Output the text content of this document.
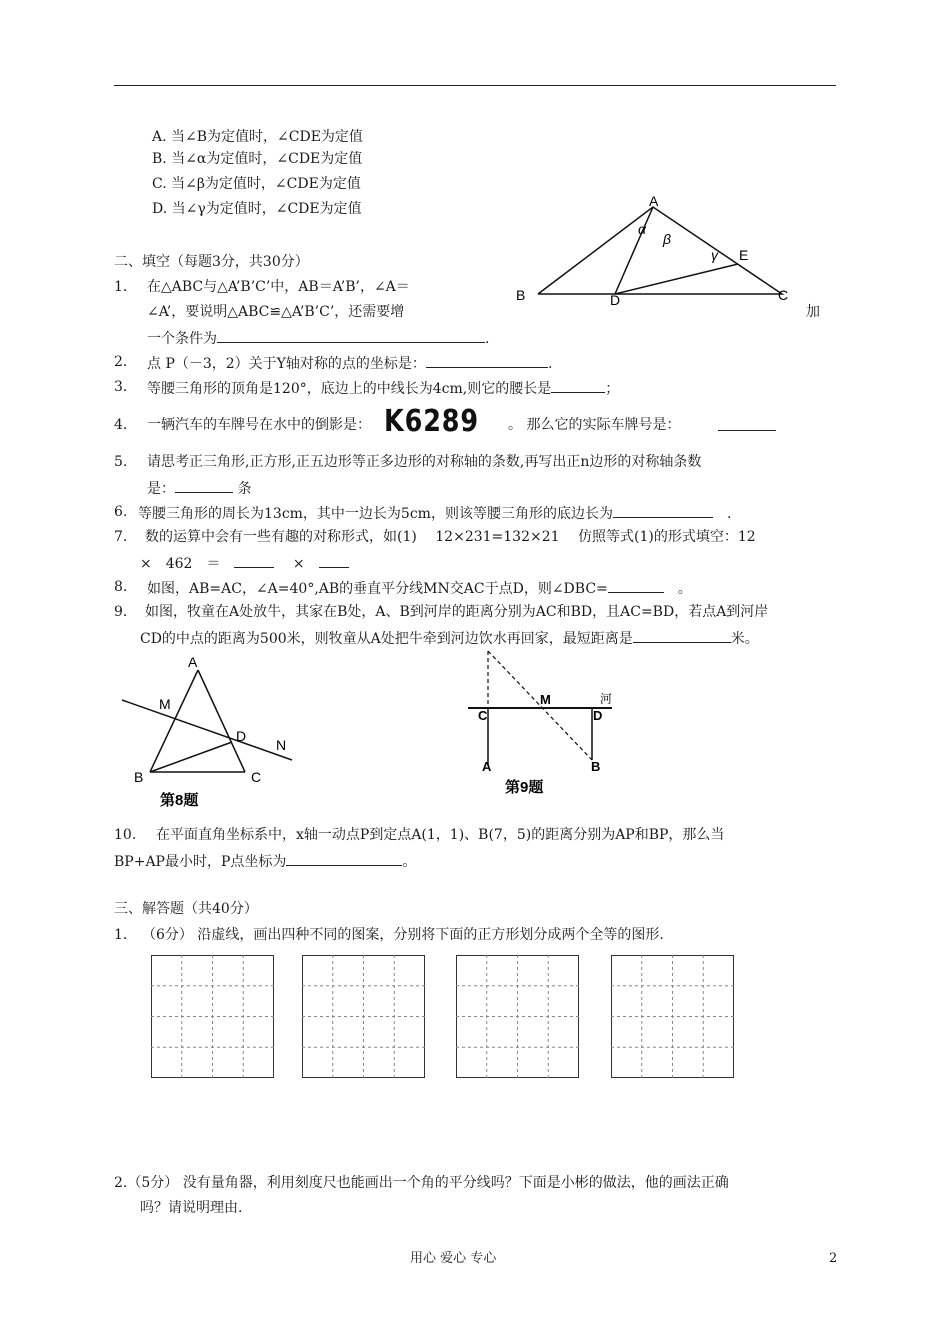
A. 当∠B为定值时，∠CDE为定值
B. 当∠α为定值时，∠CDE为定值
C. 当∠β为定值时，∠CDE为定值
D. 当∠γ为定值时，∠CDE为定值	A
B	C
D
E
α
β
γ
二、填空（每题3分，共30分）
1． 在△ABC与△A’B’C’中，AB＝A’B’，∠A＝
∠A’，要说明△ABC≌△A’B’C’，还需要增	加
一个条件为	.
2． 点 P（－3，2）关于Y轴对称的点的坐标是：	.
3． 等腰三角形的顶角是120°，底边上的中线长为4cm,则它的腰长是	；
4． 一辆汽车的车牌号在水中的倒影是： K6289	。 那么它的实际车牌号是：
5. 请思考正三角形,正方形,正五边形等正多边形的对称轴的条数,再写出正n边形的对称轴条数
是：	条
6. 等腰三角形的周长为13cm，其中一边长为5cm，则该等腰三角形的底边长为　	.
7. 数的运算中会有一些有趣的对称形式，如(1)　 12×231=132×21　 仿照等式(1)的形式填空：12
×　462　＝　　	×　
8． 如图，AB=AC，∠A=40°,AB的垂直平分线MN交AC于点D，则∠DBC=　	。
9． 如图，牧童在A处放牛，其家在B处，A、B到河岸的距离分别为AC和BD，且AC=BD，若点A到河岸
CD的中点的距离为500米，则牧童从A处把牛牵到河边饮水再回家，最短距离是	米。
A
M
D
N
B	C
第8题
C
M
D
河
A	B
第9题
10. 在平面直角坐标系中，x轴一动点P到定点A(1，1)、B(7，5)的距离分别为AP和BP，那么当
BP+AP最小时，P点坐标为	。
三、解答题（共40分）
1． （6分） 沿虚线，画出四种不同的图案，分别将下面的正方形划分成两个全等的图形.
2.（5分） 没有量角器，利用刻度尺也能画出一个角的平分线吗？下面是小彬的做法，他的画法正确
吗？请说明理由.
用心 爱心 专心	2
